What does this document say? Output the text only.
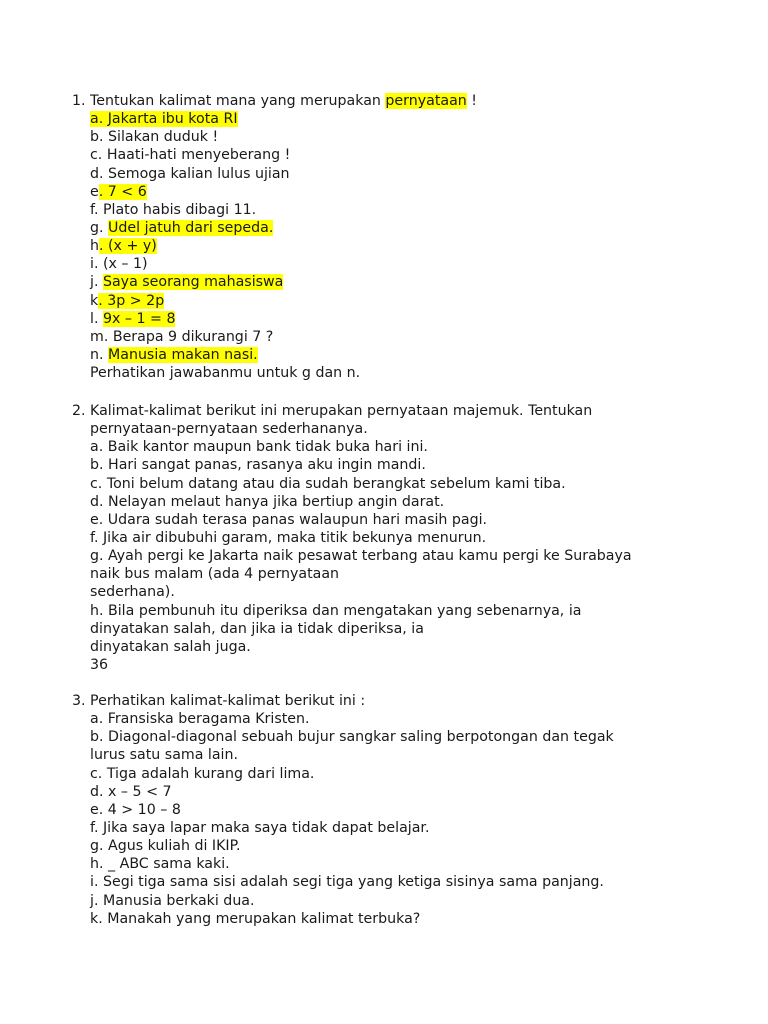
1. Tentukan kalimat mana yang merupakan pernyataan !
a. Jakarta ibu kota RI
b. Silakan duduk !
c. Haati-hati menyeberang !
d. Semoga kalian lulus ujian
e. 7 < 6
f. Plato habis dibagi 11.
g. Udel jatuh dari sepeda.
h. (x + y)
i. (x – 1)
j. Saya seorang mahasiswa
k. 3p > 2p
l. 9x – 1 = 8
m. Berapa 9 dikurangi 7 ?
n. Manusia makan nasi.
Perhatikan jawabanmu untuk g dan n.
2. Kalimat-kalimat berikut ini merupakan pernyataan majemuk. Tentukan
pernyataan-pernyataan sederhananya.
a. Baik kantor maupun bank tidak buka hari ini.
b. Hari sangat panas, rasanya aku ingin mandi.
c. Toni belum datang atau dia sudah berangkat sebelum kami tiba.
d. Nelayan melaut hanya jika bertiup angin darat.
e. Udara sudah terasa panas walaupun hari masih pagi.
f. Jika air dibubuhi garam, maka titik bekunya menurun.
g. Ayah pergi ke Jakarta naik pesawat terbang atau kamu pergi ke Surabaya
naik bus malam (ada 4 pernyataan
sederhana).
h. Bila pembunuh itu diperiksa dan mengatakan yang sebenarnya, ia
dinyatakan salah, dan jika ia tidak diperiksa, ia
dinyatakan salah juga.
36
3. Perhatikan kalimat-kalimat berikut ini :
a. Fransiska beragama Kristen.
b. Diagonal-diagonal sebuah bujur sangkar saling berpotongan dan tegak
lurus satu sama lain.
c. Tiga adalah kurang dari lima.
d. x – 5 < 7
e. 4 > 10 – 8
f. Jika saya lapar maka saya tidak dapat belajar.
g. Agus kuliah di IKIP.
h. _ ABC sama kaki.
i. Segi tiga sama sisi adalah segi tiga yang ketiga sisinya sama panjang.
j. Manusia berkaki dua.
k. Manakah yang merupakan kalimat terbuka?
